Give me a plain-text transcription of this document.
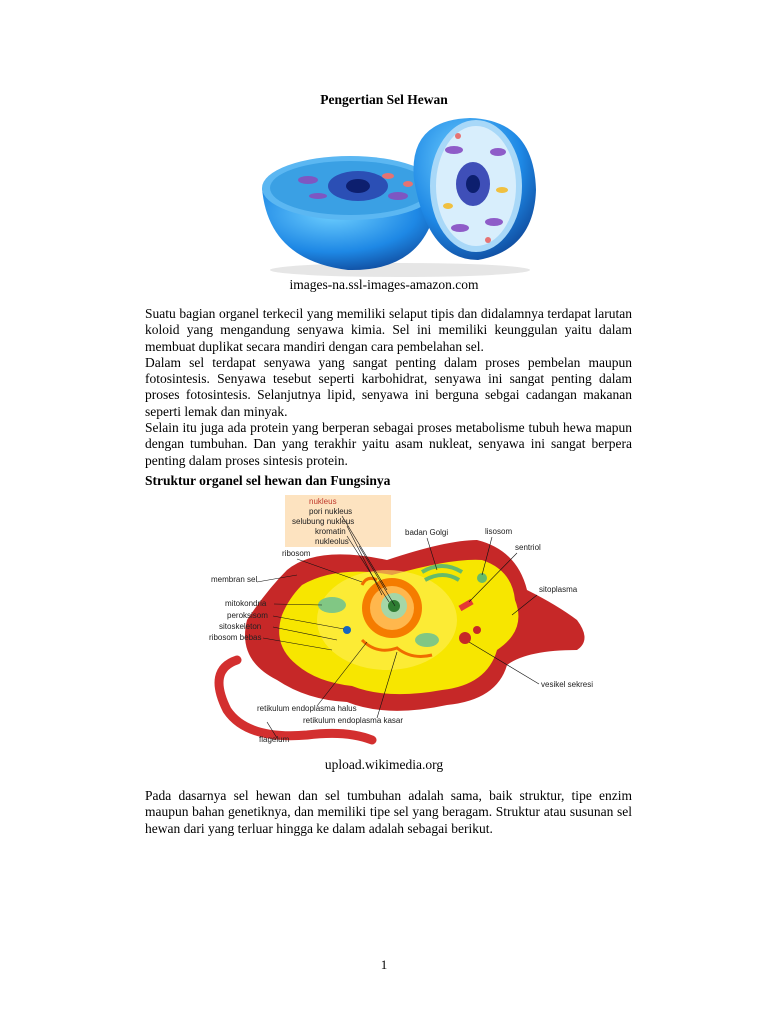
Pengertian Sel Hewan
images-na.ssl-images-amazon.com

Suatu bagian organel terkecil yang memiliki selaput tipis dan didalamnya terdapat larutan koloid yang mengandung senyawa kimia. Sel ini memiliki keunggulan yaitu dalam membuat duplikat secara mandiri dengan cara pembelahan sel.

Dalam sel terdapat senyawa yang sangat penting dalam proses pembelan maupun fotosintesis. Senyawa tesebut seperti karbohidrat, senyawa ini sangat penting dalam proses fotosintesis. Selanjutnya lipid, senyawa ini berguna sebgai cadangan makanan seperti lemak dan minyak.

Selain itu juga ada protein yang berperan sebagai proses metabolisme tubuh hewa mapun dengan tumbuhan. Dan yang terakhir yaitu asam nukleat, senyawa ini sangat berpera penting dalam proses sintesis protein.

Struktur organel sel hewan dan Fungsinya
nukleus
pori nukleus
selubung nukleus
kromatin
nukleolus
badan Golgi	lisosom
sentriol
ribosom
membran sel
sitoplasma
mitokondria
peroksisom
sitoskeleton
ribosom bebas
vesikel sekresi
retikulum endoplasma halus
retikulum endoplasma kasar
flagelum
upload.wikimedia.org
Pada dasarnya sel hewan dan sel tumbuhan adalah sama, baik struktur, tipe enzim maupun bahan genetiknya, dan memiliki tipe sel yang beragam. Struktur atau susunan sel hewan dari yang terluar hingga ke dalam adalah sebagai berikut.
1
